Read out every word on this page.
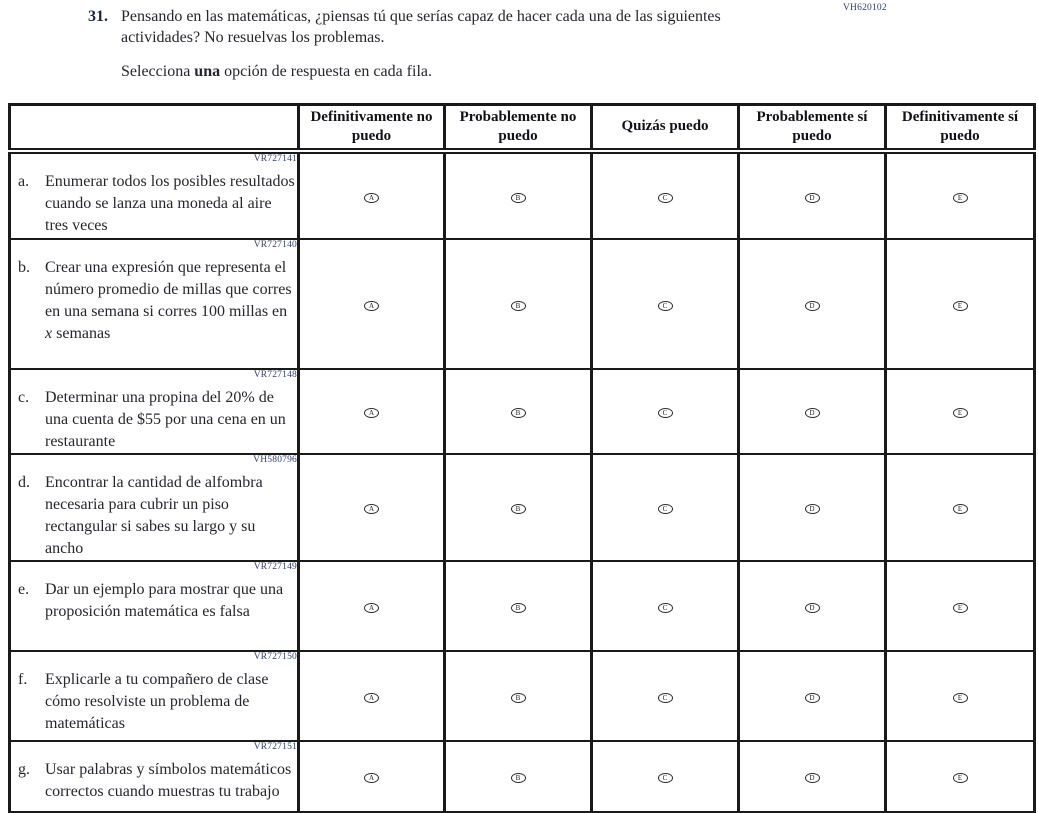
VH620102
31. Pensando en las matemáticas, ¿piensas tú que serías capaz de hacer cada una de las siguientes actividades? No resuelvas los problemas.
Selecciona una opción de respuesta en cada fila.
	Definitivamente no puedo	Probablemente no puedo	Quizás puedo	Probablemente sí puedo	Definitivamente sí puedo

VR727141
a. Enumerar todos los posibles resultados cuando se lanza una moneda al aire tres veces	A	B	C	D	E

VR727140
b. Crear una expresión que representa el número promedio de millas que corres en una semana si corres 100 millas en x semanas	A	B	C	D	E

VR727148
c. Determinar una propina del 20% de una cuenta de $55 por una cena en un restaurante	A	B	C	D	E

VH580796
d. Encontrar la cantidad de alfombra necesaria para cubrir un piso rectangular si sabes su largo y su ancho	A	B	C	D	E

VR727149
e. Dar un ejemplo para mostrar que una proposición matemática es falsa	A	B	C	D	E

VR727150
f. Explicarle a tu compañero de clase cómo resolviste un problema de matemáticas	A	B	C	D	E

VR727151
g. Usar palabras y símbolos matemáticos correctos cuando muestras tu trabajo	A	B	C	D	E
